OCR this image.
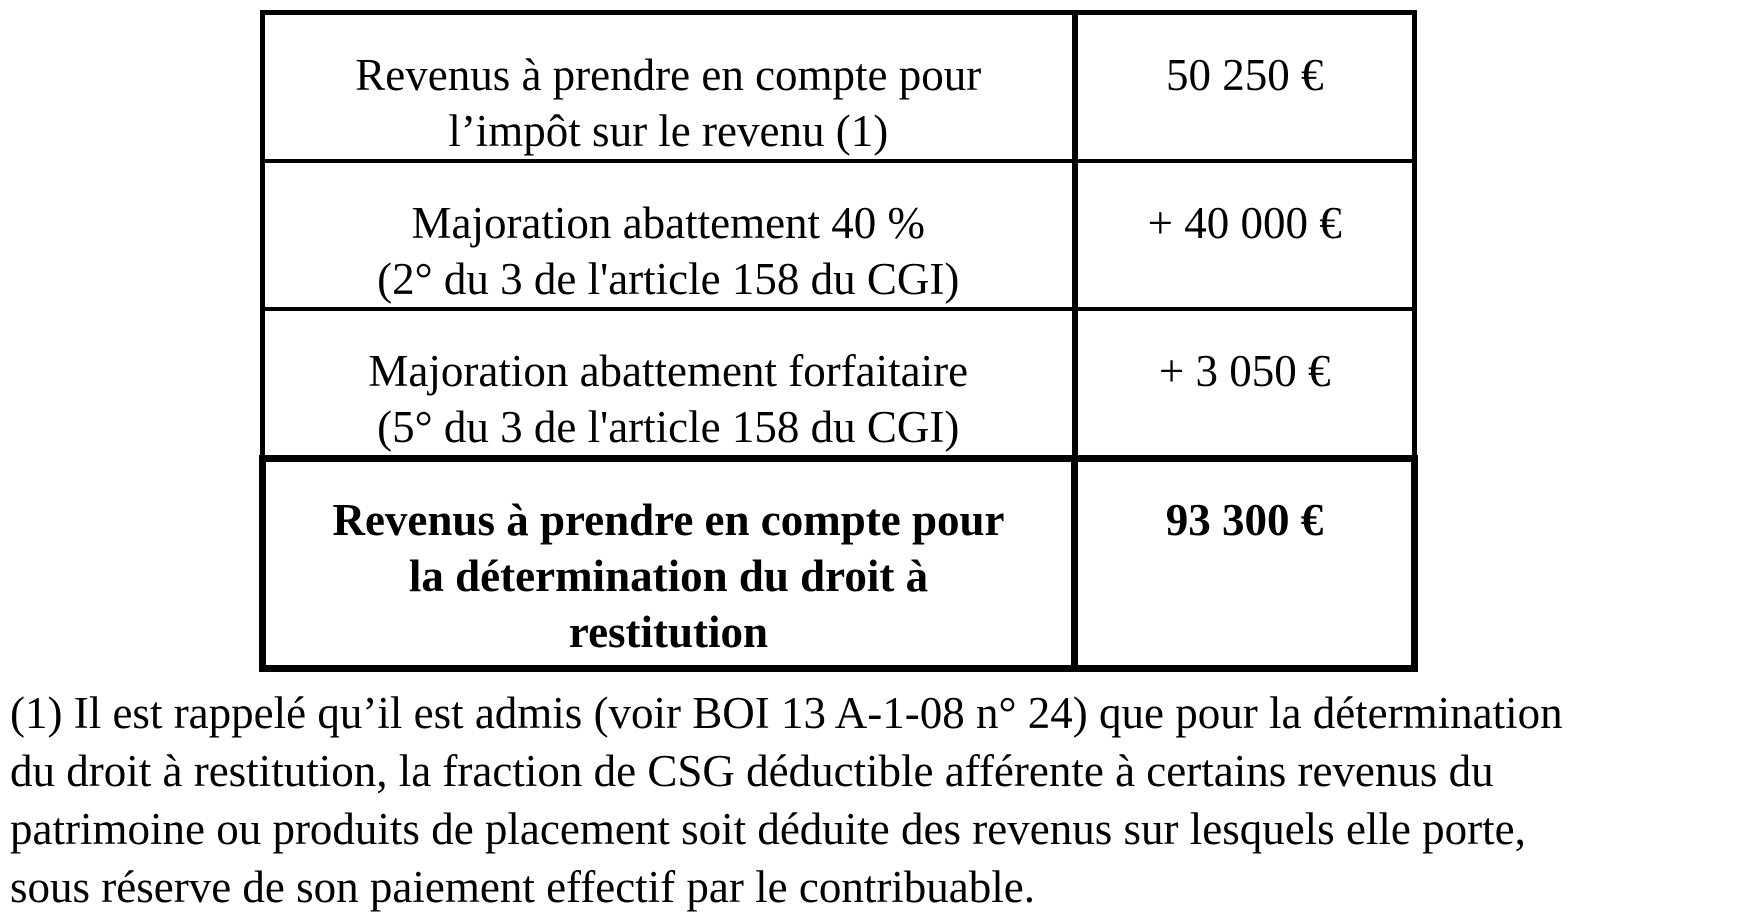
Revenus à prendre en compte pour
l’impôt sur le revenu (1)	50 250 €
Majoration abattement 40 %
(2° du 3 de l'article 158 du CGI)	+ 40 000 €
Majoration abattement forfaitaire
(5° du 3 de l'article 158 du CGI)	+ 3 050 €
Revenus à prendre en compte pour
la détermination du droit à
restitution	93 300 €

(1) Il est rappelé qu’il est admis (voir BOI 13 A-1-08 n° 24) que pour la détermination
du droit à restitution, la fraction de CSG déductible afférente à certains revenus du
patrimoine ou produits de placement soit déduite des revenus sur lesquels elle porte,
sous réserve de son paiement effectif par le contribuable.
